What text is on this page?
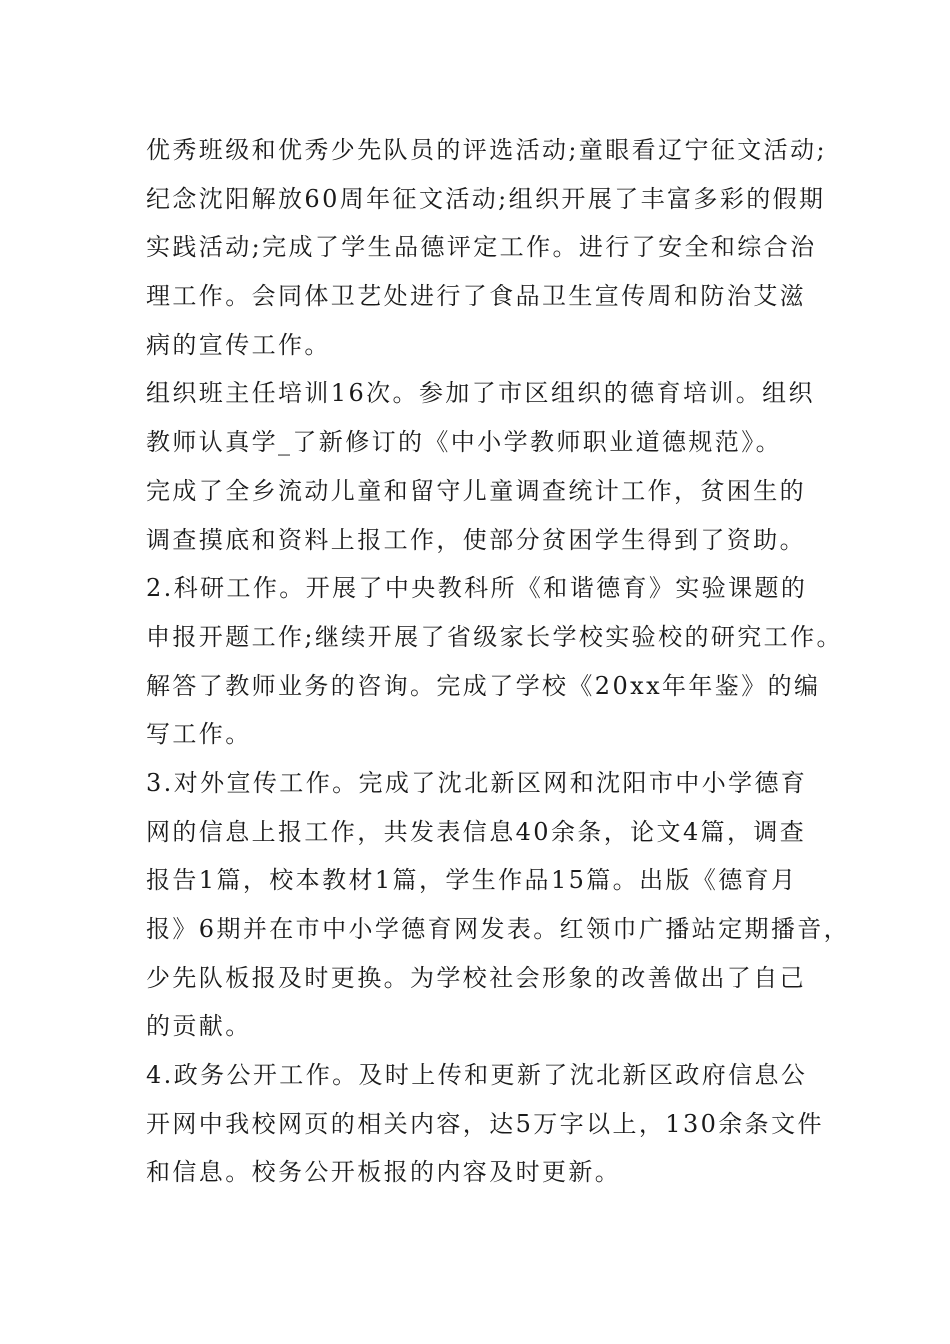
优秀班级和优秀少先队员的评选活动;童眼看辽宁征文活动;
纪念沈阳解放60周年征文活动;组织开展了丰富多彩的假期
实践活动;完成了学生品德评定工作。进行了安全和综合治
理工作。会同体卫艺处进行了食品卫生宣传周和防治艾滋
病的宣传工作。
组织班主任培训16次。参加了市区组织的德育培训。组织
教师认真学_了新修订的《中小学教师职业道德规范》。
完成了全乡流动儿童和留守儿童调查统计工作，贫困生的
调查摸底和资料上报工作，使部分贫困学生得到了资助。
2.科研工作。开展了中央教科所《和谐德育》实验课题的
申报开题工作;继续开展了省级家长学校实验校的研究工作。
解答了教师业务的咨询。完成了学校《20xx年年鉴》的编
写工作。
3.对外宣传工作。完成了沈北新区网和沈阳市中小学德育
网的信息上报工作，共发表信息40余条，论文4篇，调查
报告1篇，校本教材1篇，学生作品15篇。出版《德育月
报》6期并在市中小学德育网发表。红领巾广播站定期播音，
少先队板报及时更换。为学校社会形象的改善做出了自己
的贡献。
4.政务公开工作。及时上传和更新了沈北新区政府信息公
开网中我校网页的相关内容，达5万字以上，130余条文件
和信息。校务公开板报的内容及时更新。
